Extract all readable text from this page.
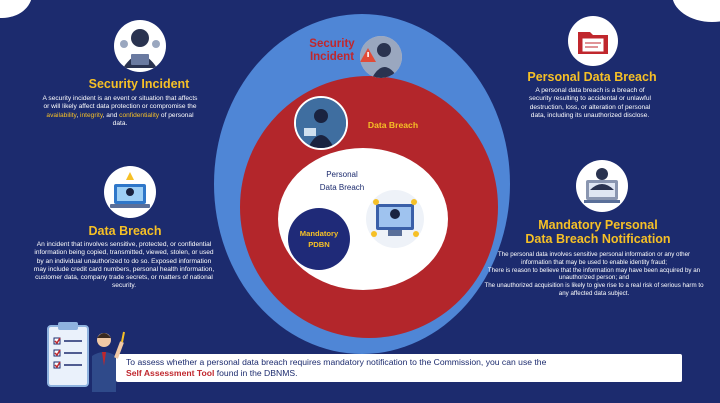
Security
Incident
Data Breach
Personal
Data Breach
Mandatory
PDBN
Security Incident
A security incident is an event or situation that affects or will likely affect data protection or compromise the availability, integrity, and confidentiality of personal data.
Data Breach
An incident that involves sensitive, protected, or confidential information being copied, transmitted, viewed, stolen, or used by an individual unauthorized to do so. Exposed information may include credit card numbers, personal health information, customer data, company trade secrets, or matters of national security.
Personal Data Breach
A personal data breach is a breach of security resulting to accidental or unlawful destruction, loss, or alteration of personal data, including its unauthorized disclose.
Mandatory Personal
Data Breach Notification
The personal data involves sensitive personal information or any other information that may be used to enable identity fraud;
There is reason to believe that the information may have been acquired by an unauthorized person; and
The unauthorized acquisition is likely to give rise to a real risk of serious harm to any affected data subject.
To assess whether a personal data breach requires mandatory notification to the Commission, you can use the
Self Assessment Tool found in the DBNMS.
